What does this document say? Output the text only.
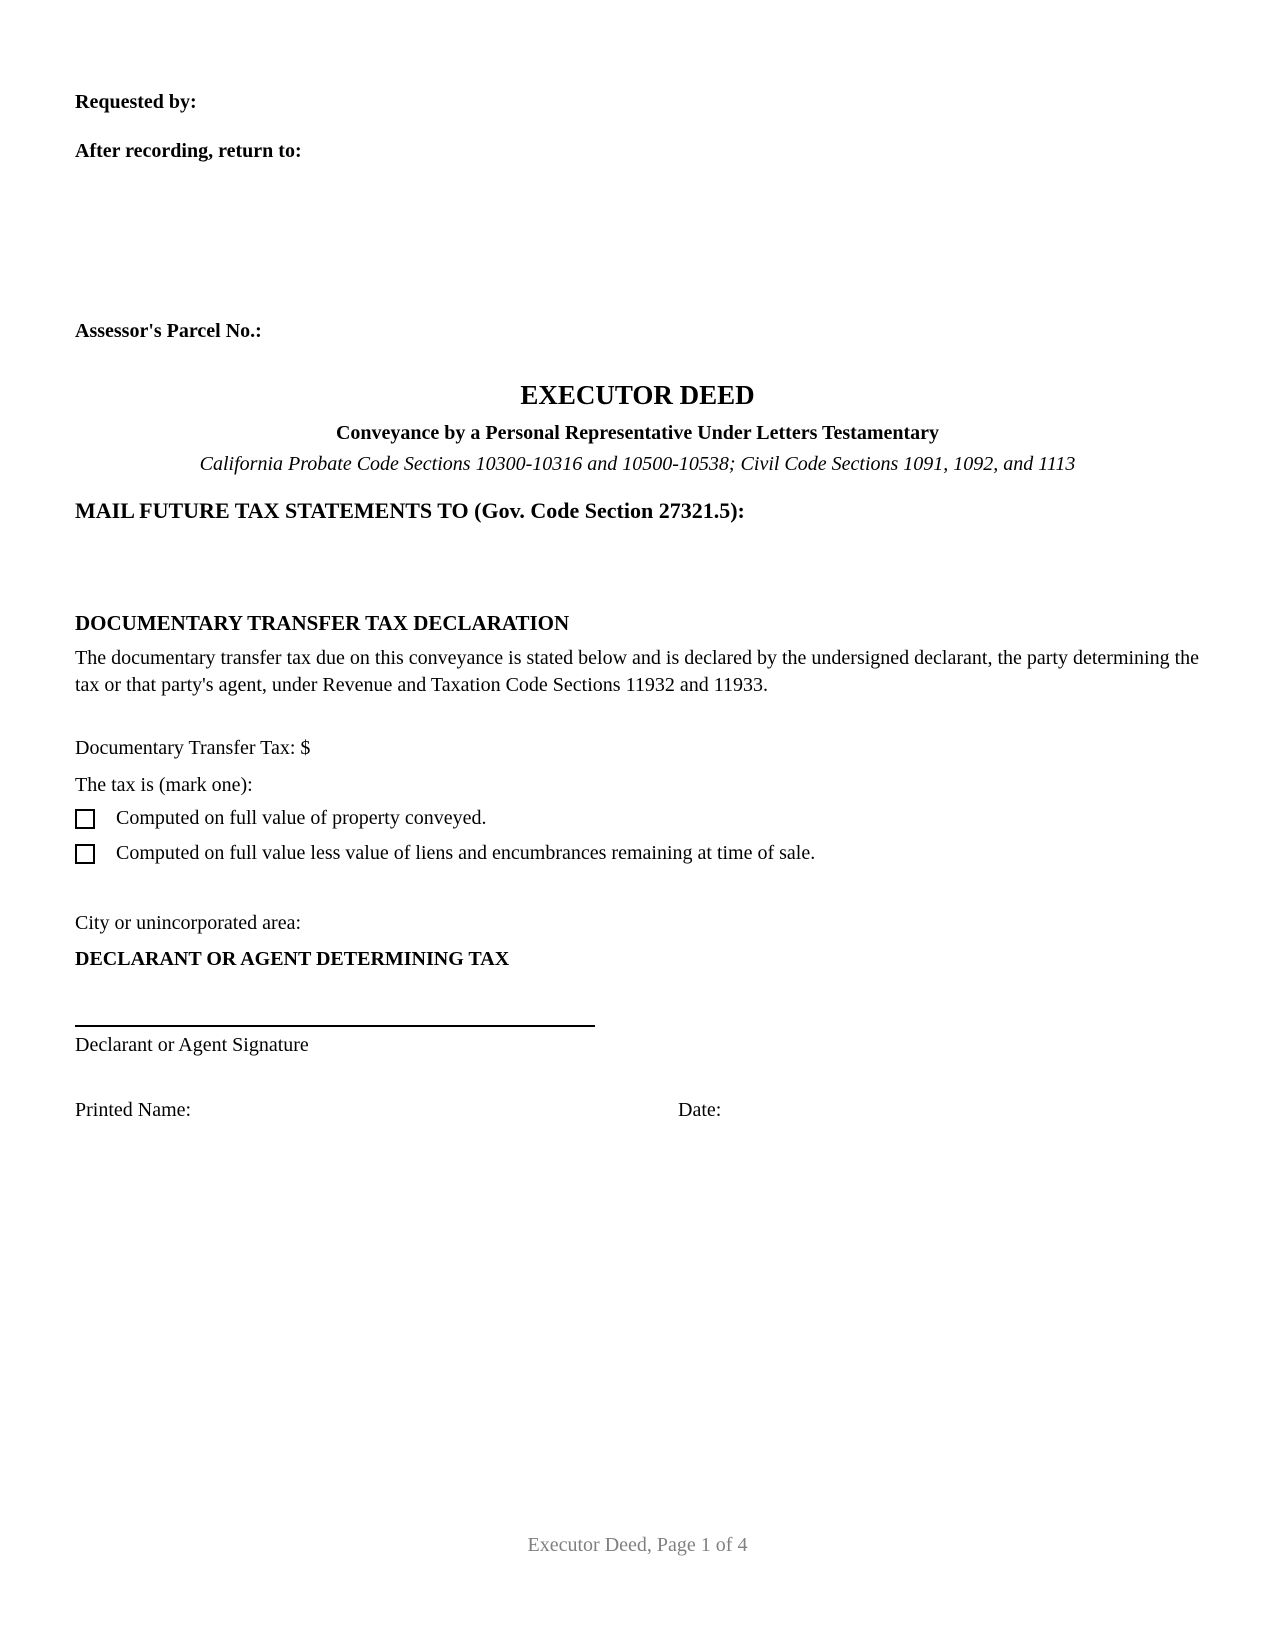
Requested by:
After recording, return to:
Assessor's Parcel No.:
EXECUTOR DEED
Conveyance by a Personal Representative Under Letters Testamentary
California Probate Code Sections 10300-10316 and 10500-10538; Civil Code Sections 1091, 1092, and 1113
MAIL FUTURE TAX STATEMENTS TO (Gov. Code Section 27321.5):
DOCUMENTARY TRANSFER TAX DECLARATION
The documentary transfer tax due on this conveyance is stated below and is declared by the undersigned declarant, the party determining the tax or that party's agent, under Revenue and Taxation Code Sections 11932 and 11933.
Documentary Transfer Tax: $
The tax is (mark one):
Computed on full value of property conveyed.
Computed on full value less value of liens and encumbrances remaining at time of sale.
City or unincorporated area:
DECLARANT OR AGENT DETERMINING TAX
Declarant or Agent Signature
Printed Name:	Date:
Executor Deed, Page 1 of 4
